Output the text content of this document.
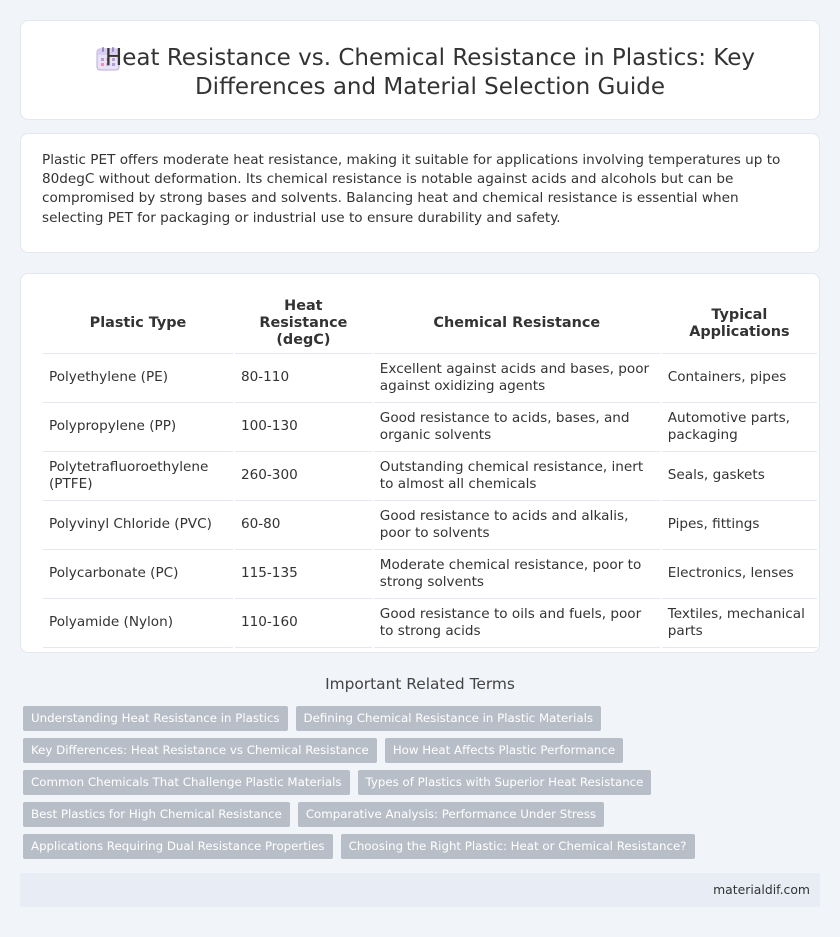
Heat Resistance vs. Chemical Resistance in Plastics: Key Differences and Material Selection Guide

Plastic PET offers moderate heat resistance, making it suitable for applications involving temperatures up to 80degC without deformation. Its chemical resistance is notable against acids and alcohols but can be compromised by strong bases and solvents. Balancing heat and chemical resistance is essential when selecting PET for packaging or industrial use to ensure durability and safety.

Plastic Type	Heat Resistance (degC)	Chemical Resistance	Typical Applications
Polyethylene (PE)	80-110	Excellent against acids and bases, poor against oxidizing agents	Containers, pipes
Polypropylene (PP)	100-130	Good resistance to acids, bases, and organic solvents	Automotive parts, packaging
Polytetrafluoroethylene (PTFE)	260-300	Outstanding chemical resistance, inert to almost all chemicals	Seals, gaskets
Polyvinyl Chloride (PVC)	60-80	Good resistance to acids and alkalis, poor to solvents	Pipes, fittings
Polycarbonate (PC)	115-135	Moderate chemical resistance, poor to strong solvents	Electronics, lenses
Polyamide (Nylon)	110-160	Good resistance to oils and fuels, poor to strong acids	Textiles, mechanical parts
Important Related Terms
Understanding Heat Resistance in Plastics	Defining Chemical Resistance in Plastic Materials
Key Differences: Heat Resistance vs Chemical Resistance	How Heat Affects Plastic Performance
Common Chemicals That Challenge Plastic Materials	Types of Plastics with Superior Heat Resistance
Best Plastics for High Chemical Resistance	Comparative Analysis: Performance Under Stress
Applications Requiring Dual Resistance Properties	Choosing the Right Plastic: Heat or Chemical Resistance?
materialdif.com
